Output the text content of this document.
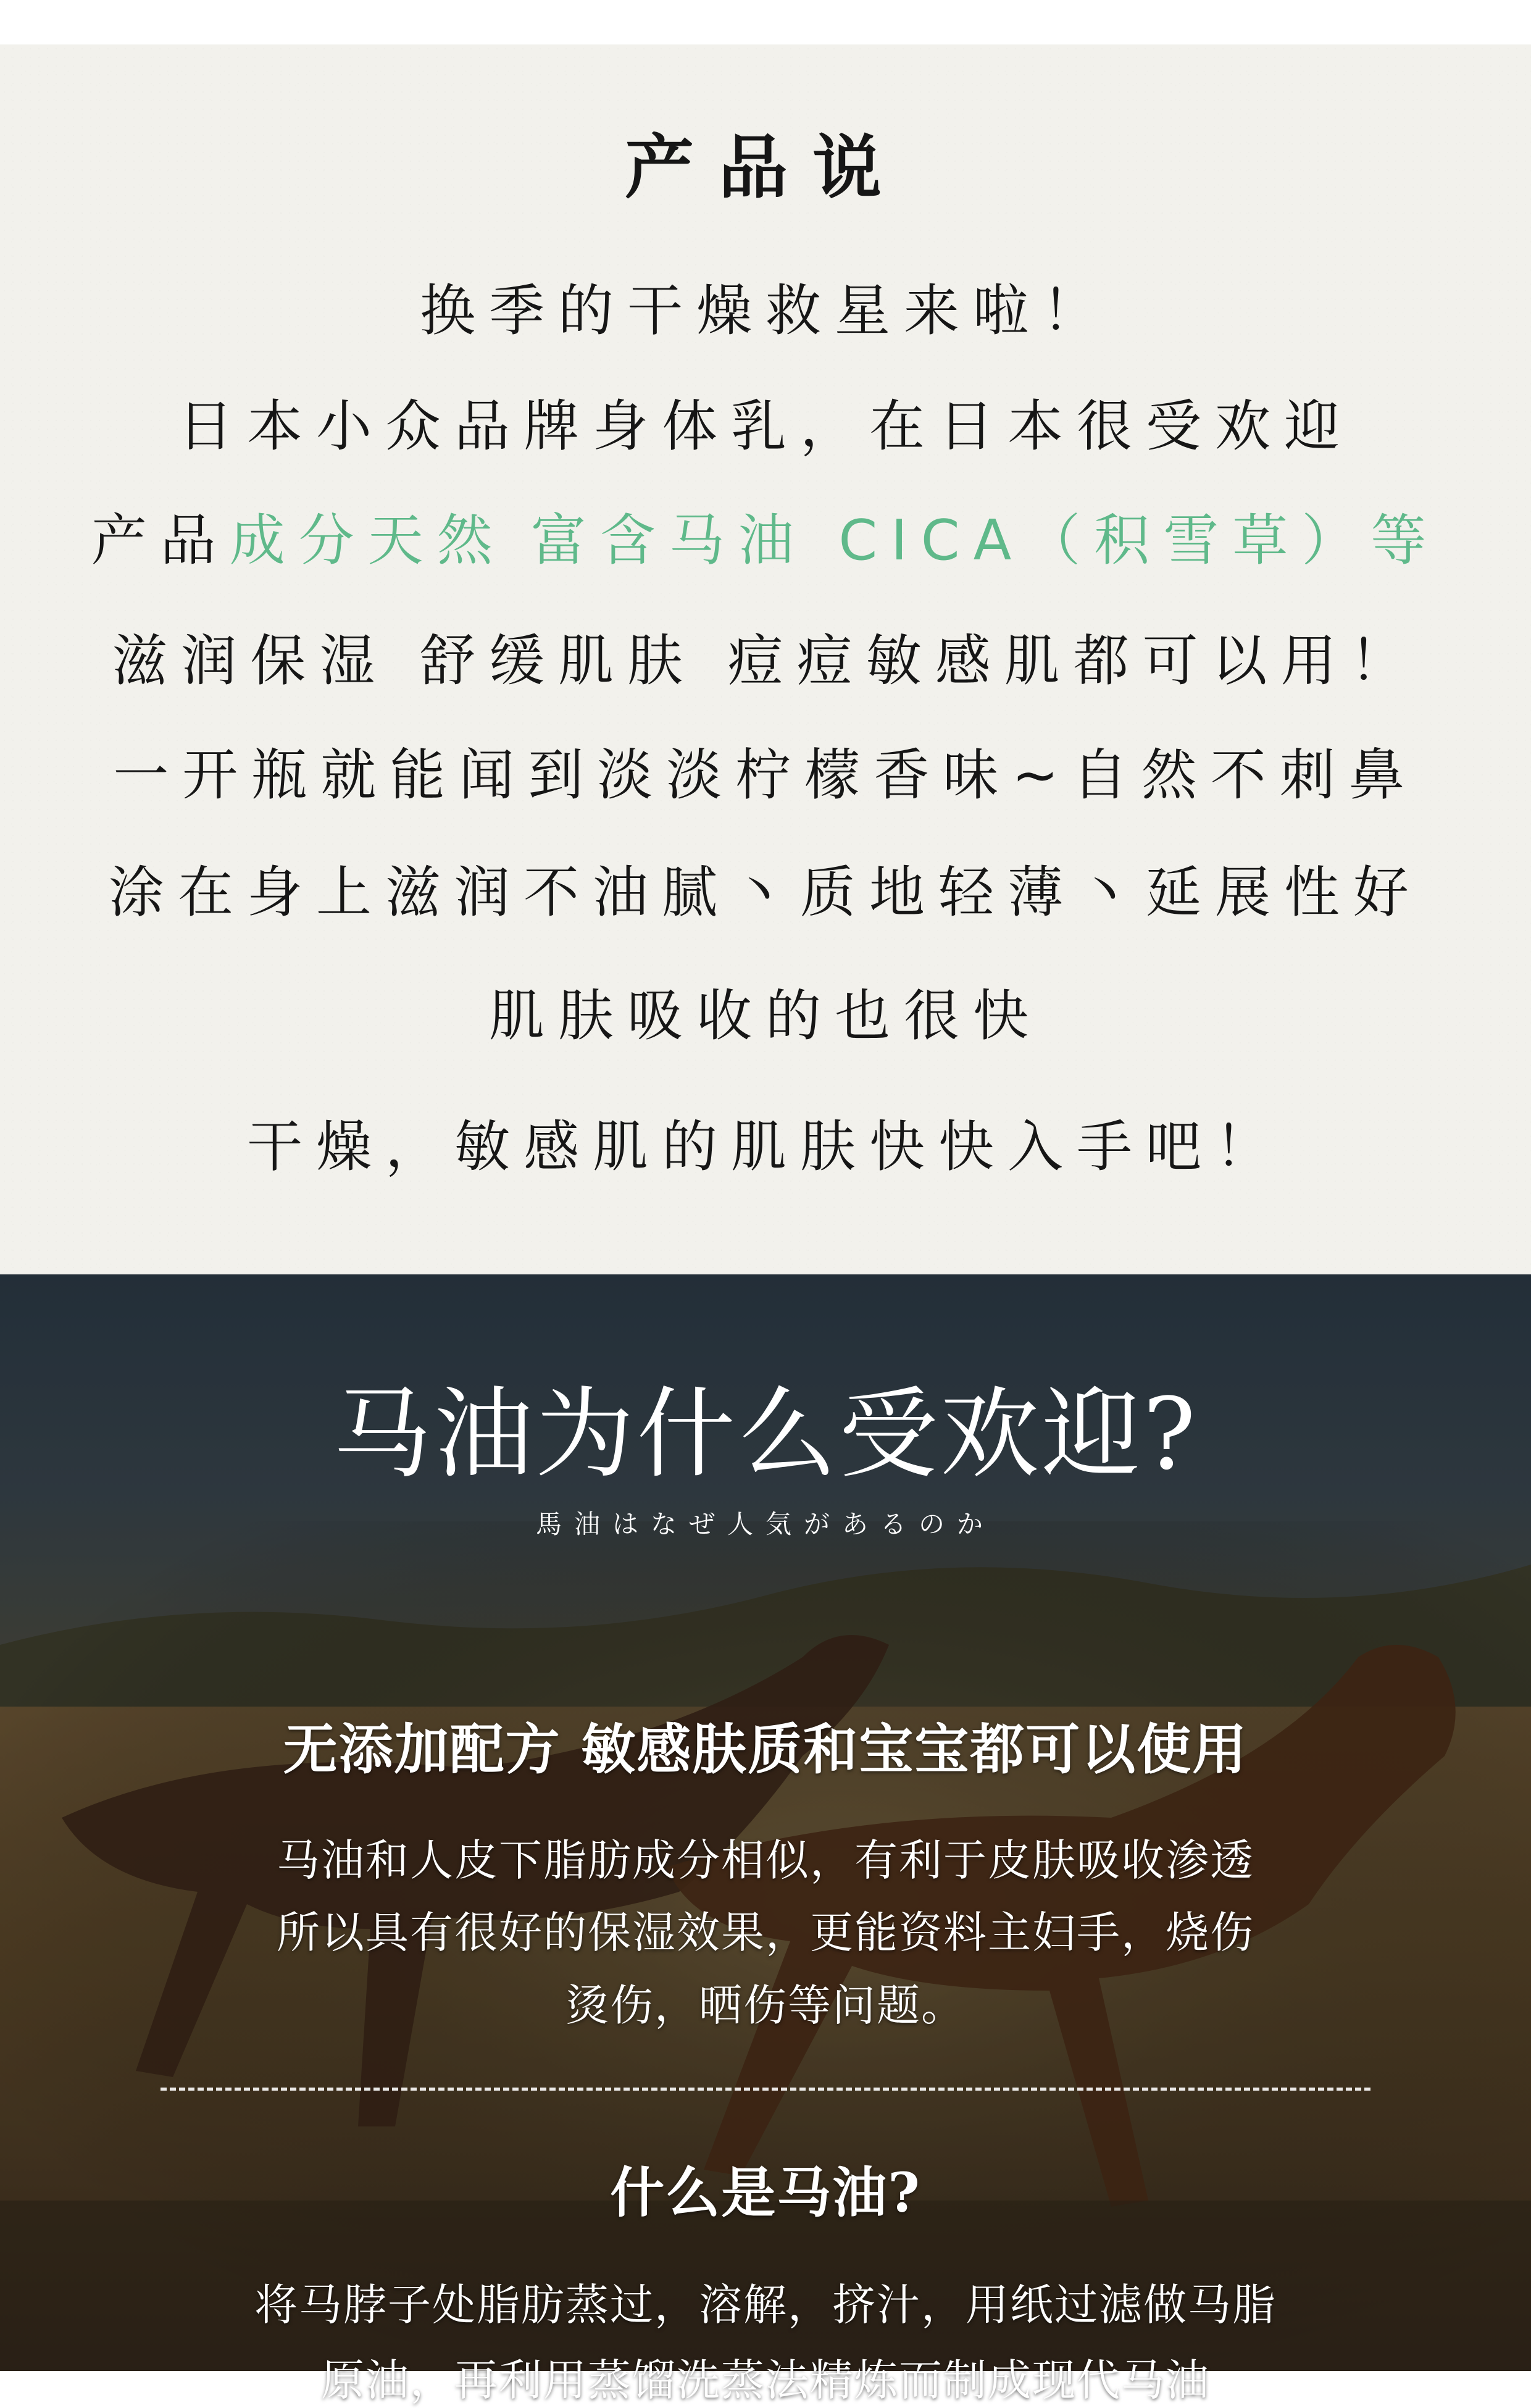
产品说
换季的干燥救星来啦！
日本小众品牌身体乳，在日本很受欢迎
产品成分天然 富含马油 CICA（积雪草）等
滋润保湿 舒缓肌肤 痘痘敏感肌都可以用！
一开瓶就能闻到淡淡柠檬香味~自然不刺鼻
涂在身上滋润不油腻丶质地轻薄丶延展性好
肌肤吸收的也很快
干燥，敏感肌的肌肤快快入手吧！
马油为什么受欢迎?
馬油はなぜ人気があるのか
无添加配方 敏感肤质和宝宝都可以使用
马油和人皮下脂肪成分相似，有利于皮肤吸收渗透
所以具有很好的保湿效果，更能资料主妇手，烧伤
烫伤，晒伤等问题。
什么是马油?
将马脖子处脂肪蒸过，溶解，挤汁，用纸过滤做马脂
原油，再利用蒸馏洗蒸法精炼而制成现代马油
